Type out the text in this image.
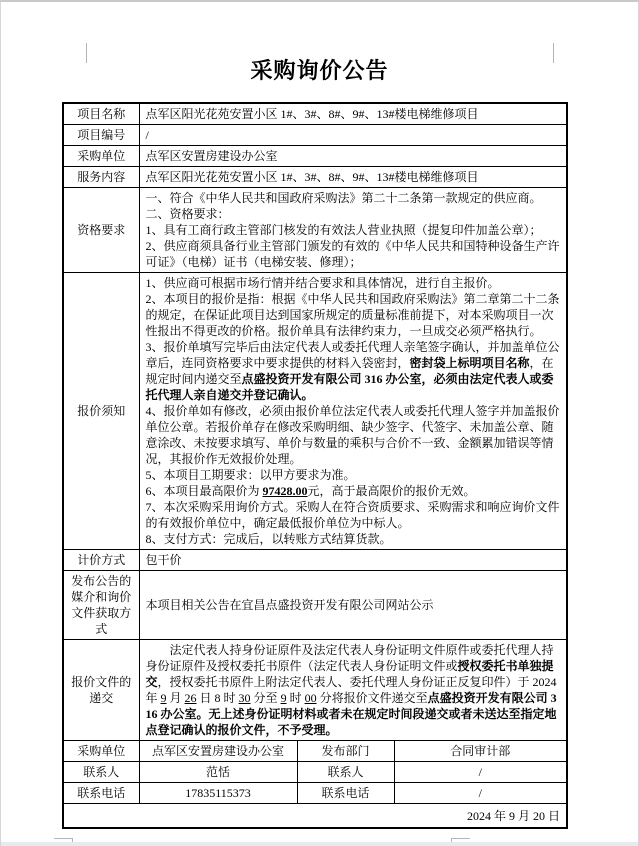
采购询价公告
项目名称	点军区阳光花苑安置小区 1#、3#、8#、9#、13#楼电梯维修项目		
项目编号	/		
采购单位	点军区安置房建设办公室		
服务内容	点军区阳光花苑安置小区 1#、3#、8#、9#、13#楼电梯维修项目		
资格要求	一、符合《中华人民共和国政府采购法》第二十二条第一款规定的供应商。
二、资格要求：
1、具有工商行政主管部门核发的有效法人营业执照（提复印件加盖公章）；
2、供应商须具备行业主管部门颁发的有效的《中华人民共和国特种设备生产许可证》（电梯）证书（电梯安装、修理）；		

报价须知	
1、供应商可根据市场行情并结合要求和具体情况，进行自主报价。
2、本项目的报价是指：根据《中华人民共和国政府采购法》第二章第二十二条的规定，在保证此项目达到国家所规定的质量标准前提下，对本采购项目一次性报出不得更改的价格。报价单具有法律约束力，一旦成交必须严格执行。
3、报价单填写完毕后由法定代表人或委托代理人亲笔签字确认，并加盖单位公章后，连同资格要求中要求提供的材料入袋密封，密封袋上标明项目名称，在规定时间内递交至点盛投资开发有限公司 316 办公室，必须由法定代表人或委托代理人亲自递交并登记确认。
4、报价单如有修改，必须由报价单位法定代表人或委托代理人签字并加盖报价单位公章。若报价单存在修改采购明细、缺少签字、代签字、未加盖公章、随意涂改、未按要求填写、单价与数量的乘积与合价不一致、金额累加错误等情况，其报价作无效报价处理。
5、本项目工期要求：以甲方要求为准。
6、本项目最高限价为 97428.00元，高于最高限价的报价无效。
7、本次采购采用询价方式。采购人在符合资质要求、采购需求和响应询价文件的有效报价单位中，确定最低报价单位为中标人。
8、支付方式：完成后，以转账方式结算货款。

计价方式	包干价		
发布公告的媒介和询价文件获取方式	本项目相关公告在宜昌点盛投资开发有限公司网站公示		
报价文件的递交	法定代表人持身份证原件及法定代表人身份证明文件原件或委托代理人持身份证原件及授权委托书原件（法定代表人身份证明文件或授权委托书单独提交，授权委托书原件上附法定代表人、委托代理人身份证正反复印件）于 2024 年 9 月 26 日 8 时 30 分至 9 时 00 分将报价文件递交至点盛投资开发有限公司 316 办公室。无上述身份证明材料或者未在规定时间段递交或者未送达至指定地点登记确认的报价文件，不予受理。		

采购单位	点军区安置房建设办公室	发布部门	合同审计部
联系人	范恬	联系人	/
联系电话	17835115373	联系电话	/
2024 年 9 月 20 日			
